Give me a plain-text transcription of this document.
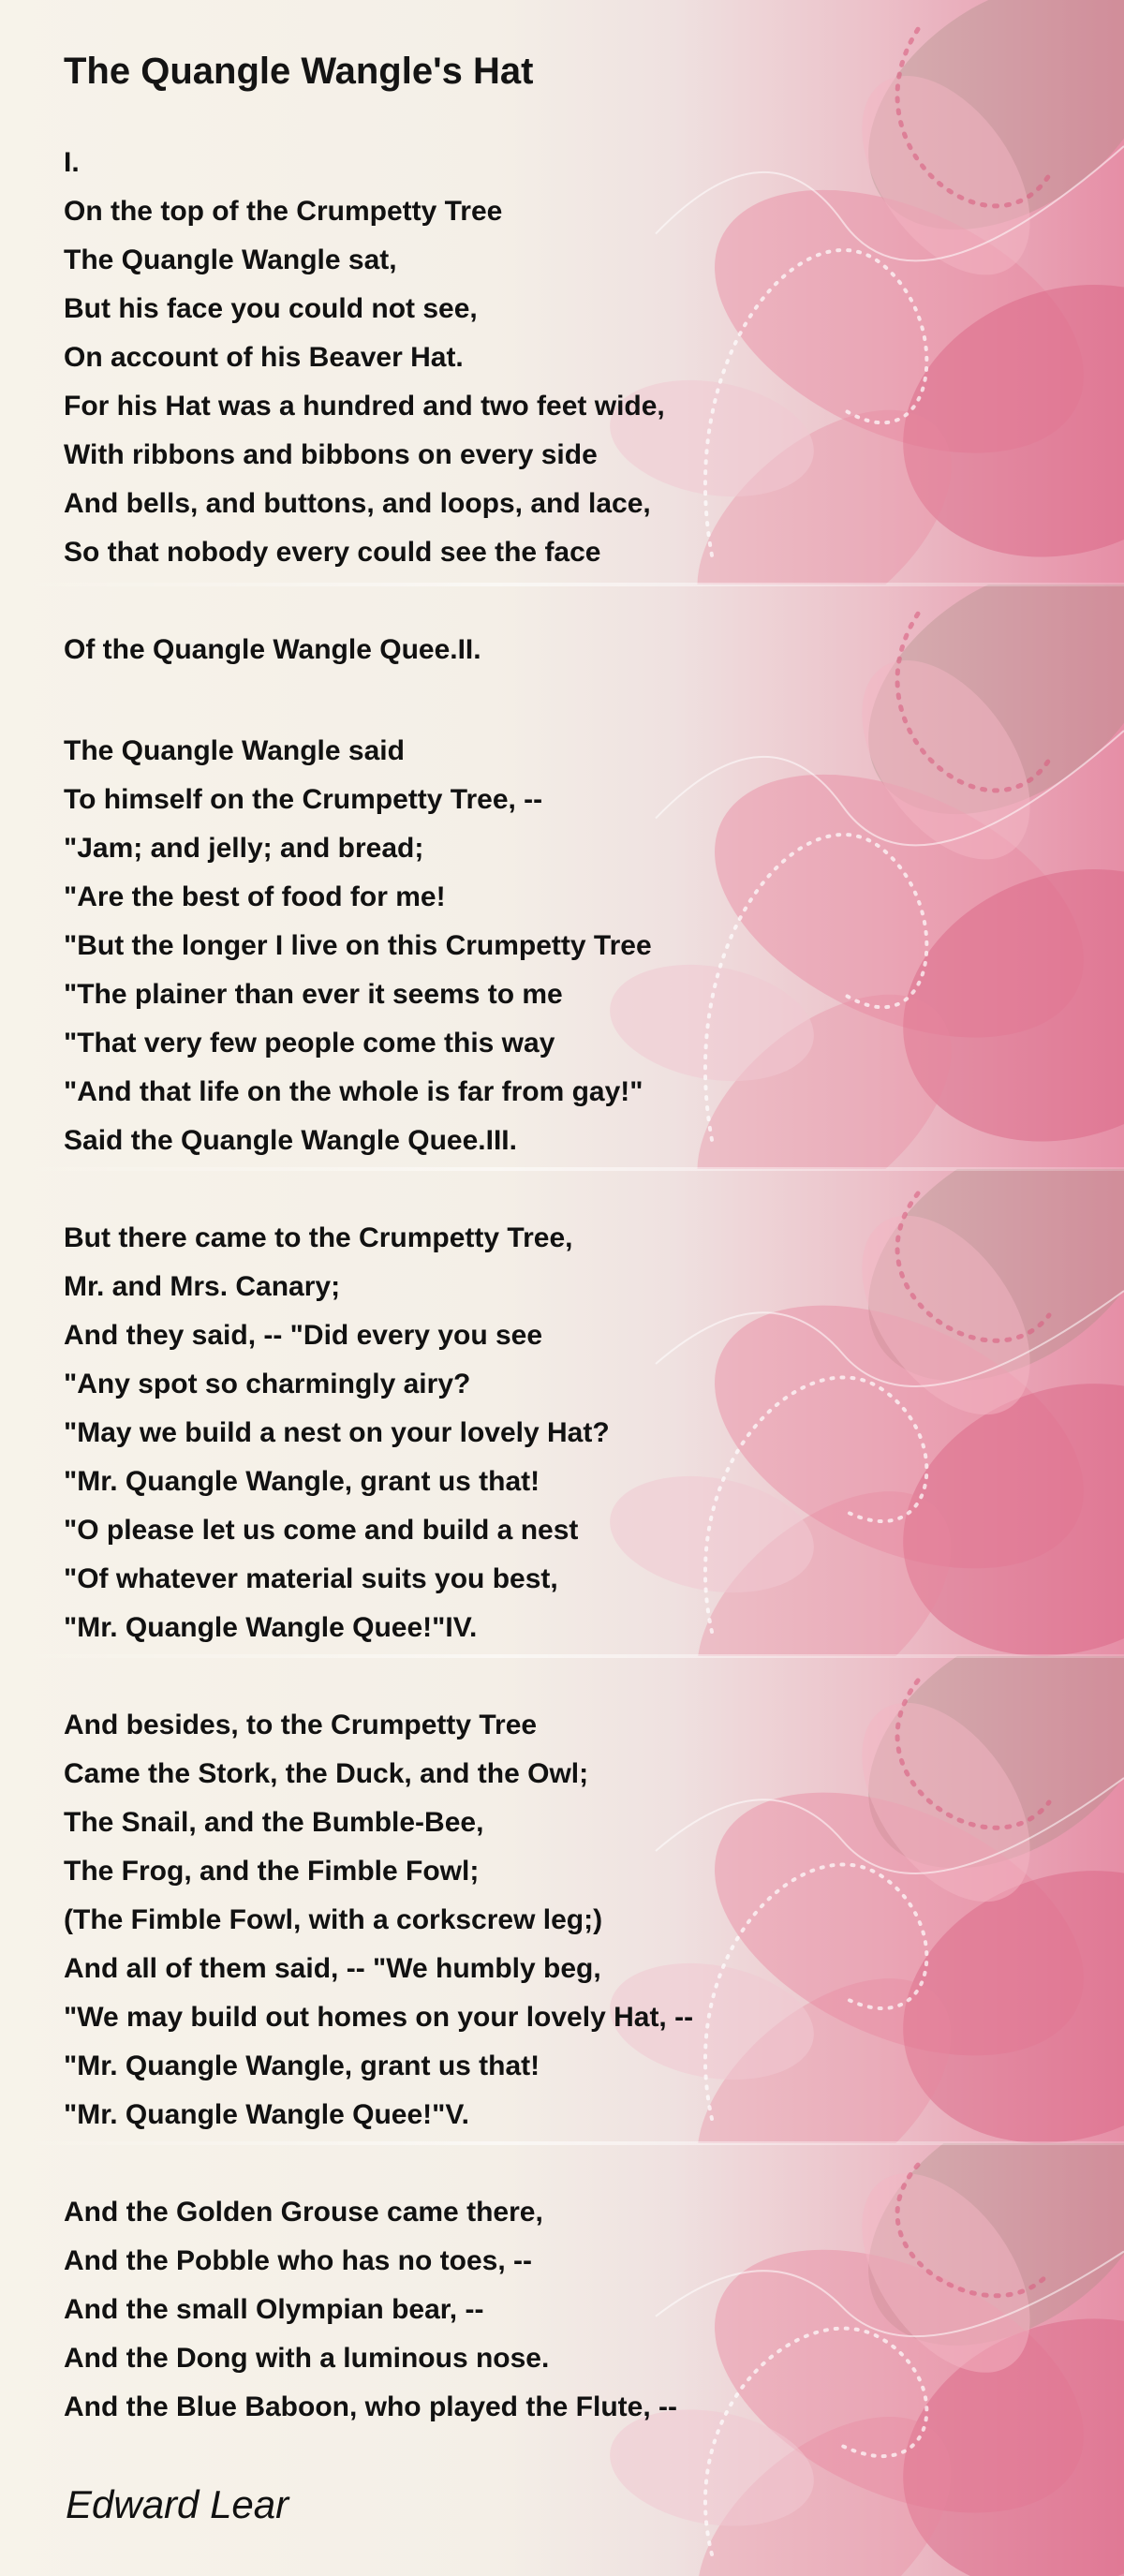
The Quangle Wangle's Hat
I.
On the top of the Crumpetty Tree
The Quangle Wangle sat,
But his face you could not see,
On account of his Beaver Hat.
For his Hat was a hundred and two feet wide,
With ribbons and bibbons on every side
And bells, and buttons, and loops, and lace,
So that nobody every could see the face
Of the Quangle Wangle Quee.II.
The Quangle Wangle said
To himself on the Crumpetty Tree, --
"Jam; and jelly; and bread;
"Are the best of food for me!
"But the longer I live on this Crumpetty Tree
"The plainer than ever it seems to me
"That very few people come this way
"And that life on the whole is far from gay!"
Said the Quangle Wangle Quee.III.
But there came to the Crumpetty Tree,
Mr. and Mrs. Canary;
And they said, -- "Did every you see
"Any spot so charmingly airy?
"May we build a nest on your lovely Hat?
"Mr. Quangle Wangle, grant us that!
"O please let us come and build a nest
"Of whatever material suits you best,
"Mr. Quangle Wangle Quee!"IV.
And besides, to the Crumpetty Tree
Came the Stork, the Duck, and the Owl;
The Snail, and the Bumble-Bee,
The Frog, and the Fimble Fowl;
(The Fimble Fowl, with a corkscrew leg;)
And all of them said, -- "We humbly beg,
"We may build out homes on your lovely Hat, --
"Mr. Quangle Wangle, grant us that!
"Mr. Quangle Wangle Quee!"V.
And the Golden Grouse came there,
And the Pobble who has no toes, --
And the small Olympian bear, --
And the Dong with a luminous nose.
And the Blue Baboon, who played the Flute, --
Edward Lear
